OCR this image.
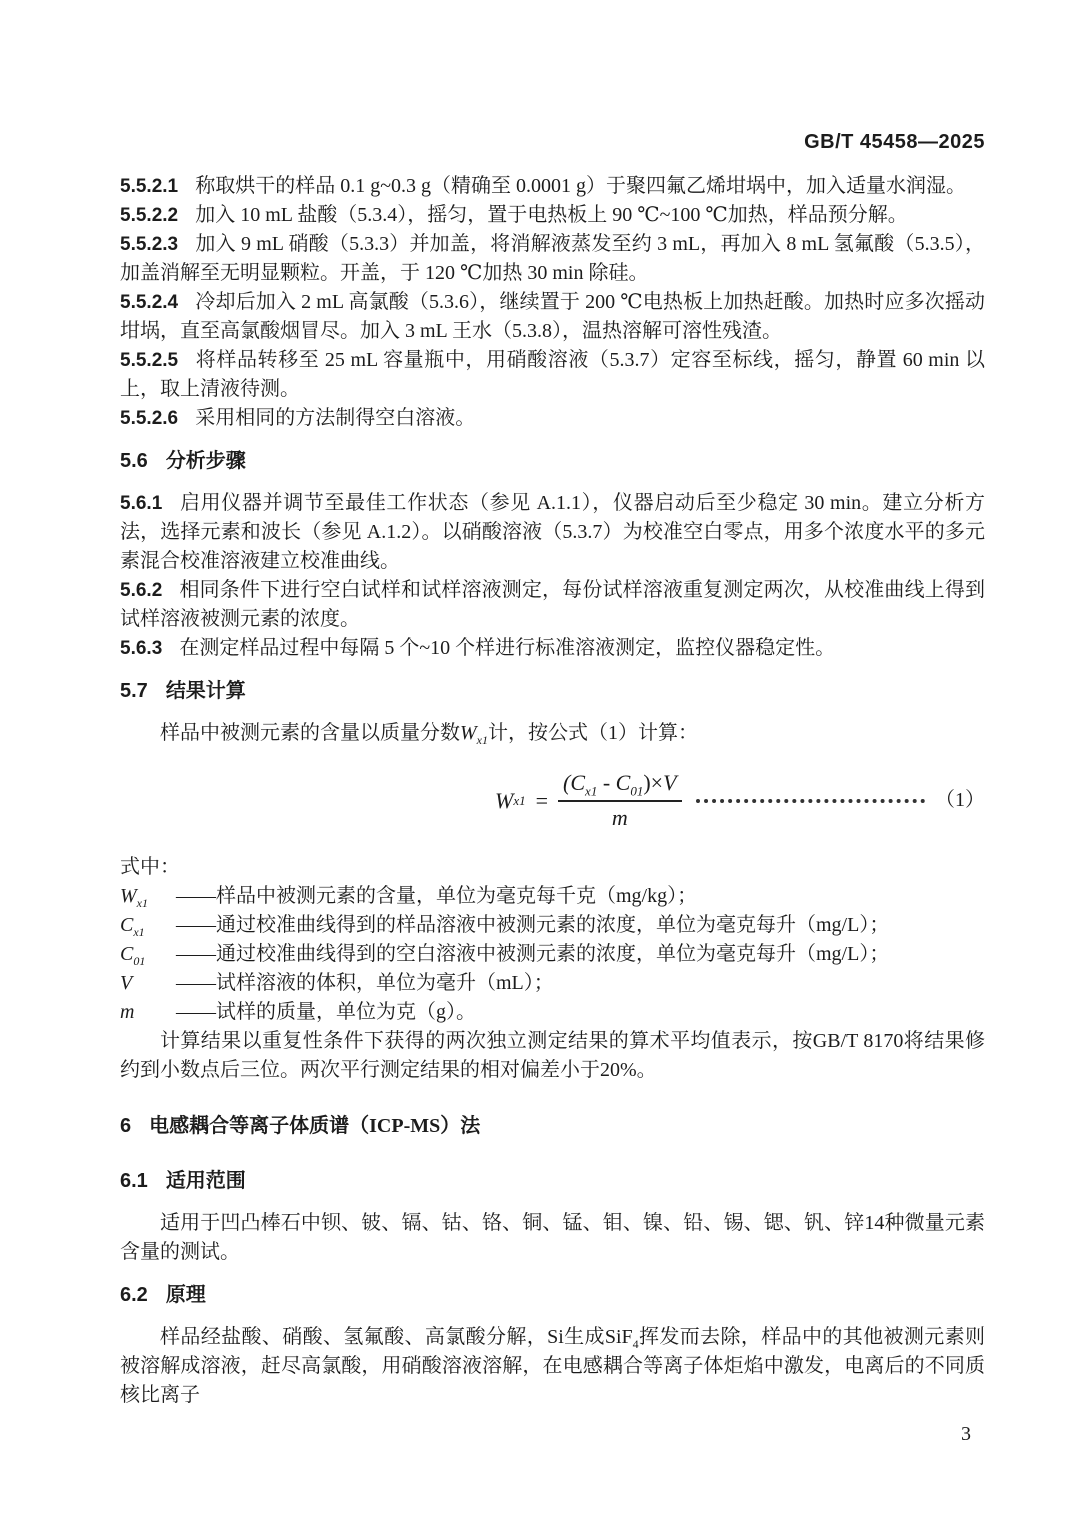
GB/T 45458—2025

5.5.2.1 称取烘干的样品 0.1 g~0.3 g（精确至 0.0001 g）于聚四氟乙烯坩埚中，加入适量水润湿。

5.5.2.2 加入 10 mL 盐酸（5.3.4），摇匀，置于电热板上 90 ℃~100 ℃加热，样品预分解。

5.5.2.3 加入 9 mL 硝酸（5.3.3）并加盖，将消解液蒸发至约 3 mL，再加入 8 mL 氢氟酸（5.3.5），加盖消解至无明显颗粒。开盖，于 120 ℃加热 30 min 除硅。

5.5.2.4 冷却后加入 2 mL 高氯酸（5.3.6），继续置于 200 ℃电热板上加热赶酸。加热时应多次摇动坩埚，直至高氯酸烟冒尽。加入 3 mL 王水（5.3.8），温热溶解可溶性残渣。

5.5.2.5 将样品转移至 25 mL 容量瓶中，用硝酸溶液（5.3.7）定容至标线，摇匀，静置 60 min 以上，取上清液待测。

5.5.2.6 采用相同的方法制得空白溶液。

5.6 分析步骤

5.6.1 启用仪器并调节至最佳工作状态（参见 A.1.1），仪器启动后至少稳定 30 min。建立分析方法，选择元素和波长（参见 A.1.2）。以硝酸溶液（5.3.7）为校准空白零点，用多个浓度水平的多元素混合校准溶液建立校准曲线。

5.6.2 相同条件下进行空白试样和试样溶液测定，每份试样溶液重复测定两次，从校准曲线上得到试样溶液被测元素的浓度。

5.6.3 在测定样品过程中每隔 5 个~10 个样进行标准溶液测定，监控仪器稳定性。

5.7 结果计算

样品中被测元素的含量以质量分数$W_{x1}$计，按公式（1）计算：

W $x1 = \frac{(C_{x1} - C_{01})\times V}{m}$	（1）

式中：

$W_{x1}$	——样品中被测元素的含量，单位为毫克每千克（mg/kg）；
$C_{x1}$	——通过校准曲线得到的样品溶液中被测元素的浓度，单位为毫克每升（mg/L）；
$C_{01}$	——通过校准曲线得到的空白溶液中被测元素的浓度，单位为毫克每升（mg/L）；
V	——试样溶液的体积，单位为毫升（mL）；
m	——试样的质量，单位为克（g）。

计算结果以重复性条件下获得的两次独立测定结果的算术平均值表示，按GB/T 8170将结果修约到小数点后三位。两次平行测定结果的相对偏差小于20%。

6 电感耦合等离子体质谱（ICP-MS）法

6.1 适用范围

适用于凹凸棒石中钡、铍、镉、钴、铬、铜、锰、钼、镍、铅、锡、锶、钒、锌14种微量元素含量的测试。

6.2 原理

样品经盐酸、硝酸、氢氟酸、高氯酸分解，Si生成SiF$_4$挥发而去除，样品中的其他被测元素则被溶解成溶液，赶尽高氯酸，用硝酸溶液溶解，在电感耦合等离子体炬焰中激发，电离后的不同质核比离子

3
